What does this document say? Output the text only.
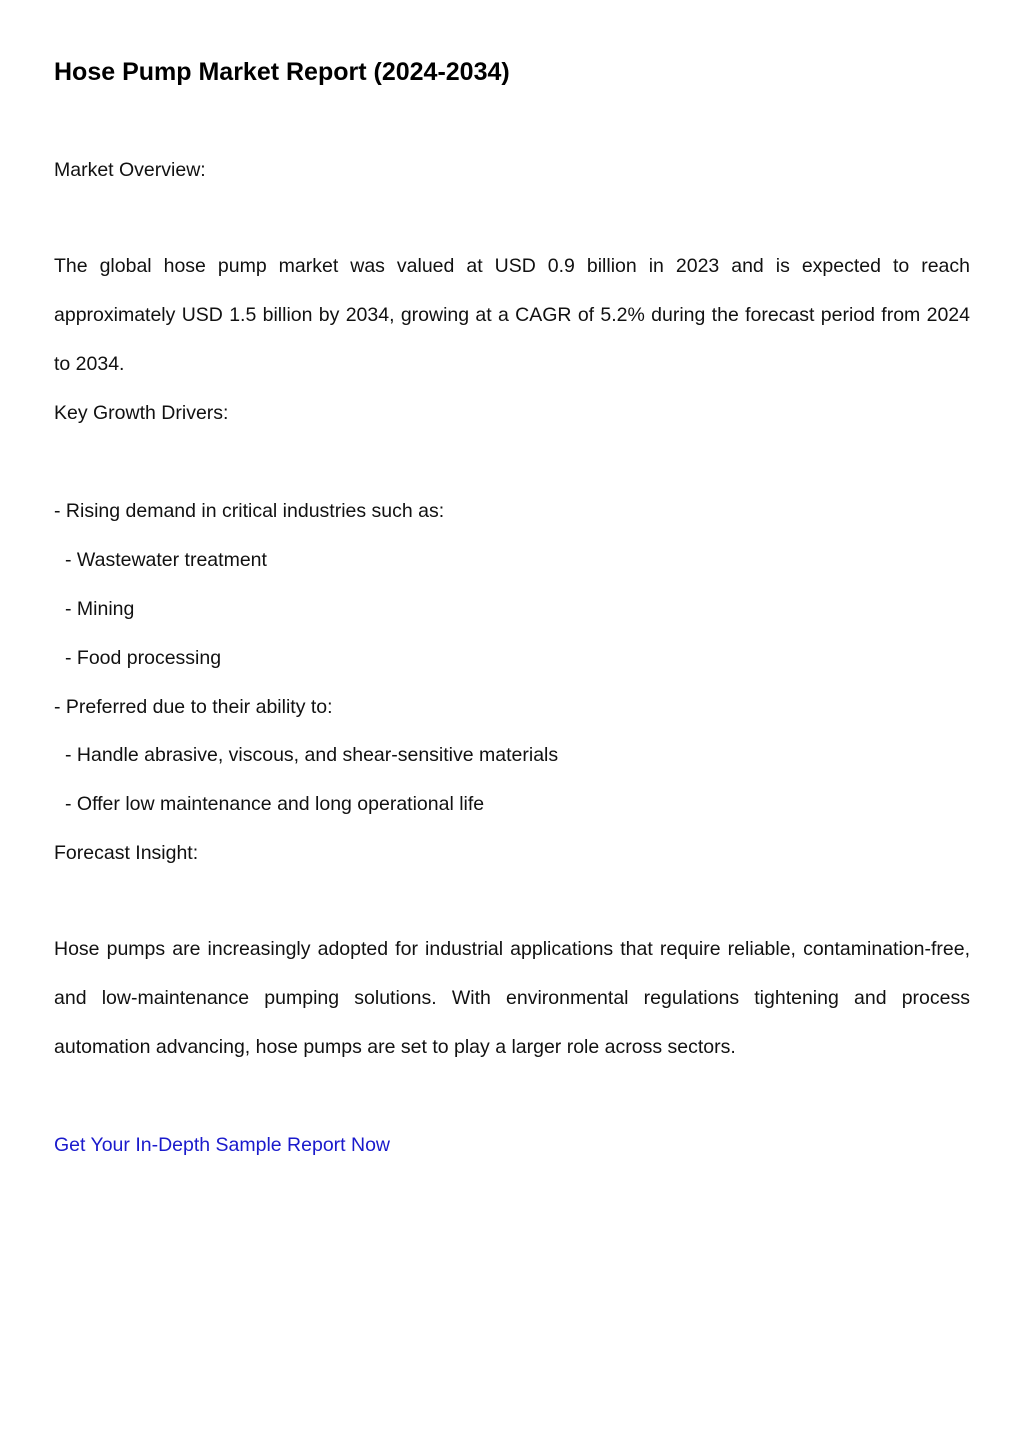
Hose Pump Market Report (2024-2034)

Market Overview:

The global hose pump market was valued at USD 0.9 billion in 2023 and is expected to reach approximately USD 1.5 billion by 2034, growing at a CAGR of 5.2% during the forecast period from 2024 to 2034.

Key Growth Drivers:

- Rising demand in critical industries such as:

- Wastewater treatment

- Mining

- Food processing

- Preferred due to their ability to:

- Handle abrasive, viscous, and shear-sensitive materials

- Offer low maintenance and long operational life

Forecast Insight:

Hose pumps are increasingly adopted for industrial applications that require reliable, contamination-free, and low-maintenance pumping solutions. With environmental regulations tightening and process automation advancing, hose pumps are set to play a larger role across sectors.

Get Your In-Depth Sample Report Now
